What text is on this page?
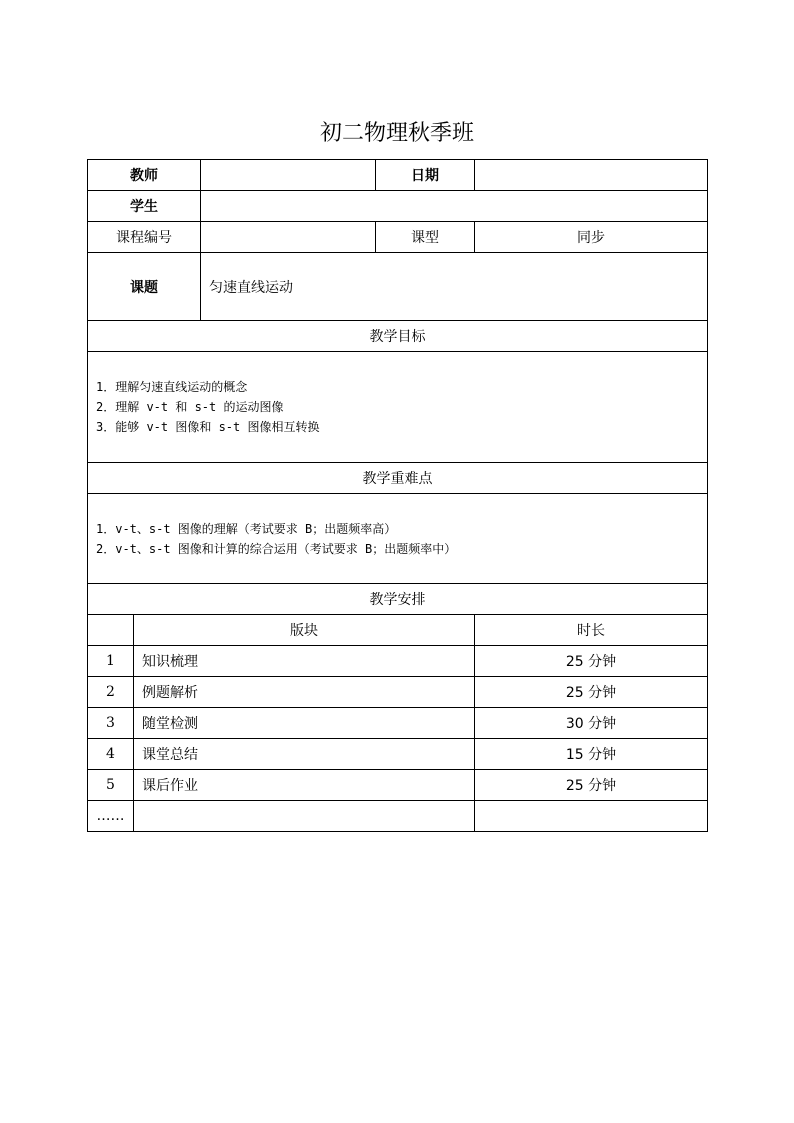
初二物理秋季班
教师			日期	
学生				
课程编号			课型	同步
课题		匀速直线运动		
教学目标				

1．理解匀速直线运动的概念
2．理解 v-t 和 s-t 的运动图像
3．能够 v-t 图像和 s-t 图像相互转换				

教学重难点				

1．v-t、s-t 图像的理解（考试要求 B；出题频率高）
2．v-t、s-t 图像和计算的综合运用（考试要求 B；出题频率中）				

教学安排				
	版块			时长
1	知识梳理			25 分钟
2	例题解析			25 分钟
3	随堂检测			30 分钟
4	课堂总结			15 分钟
5	课后作业			25 分钟
……				
